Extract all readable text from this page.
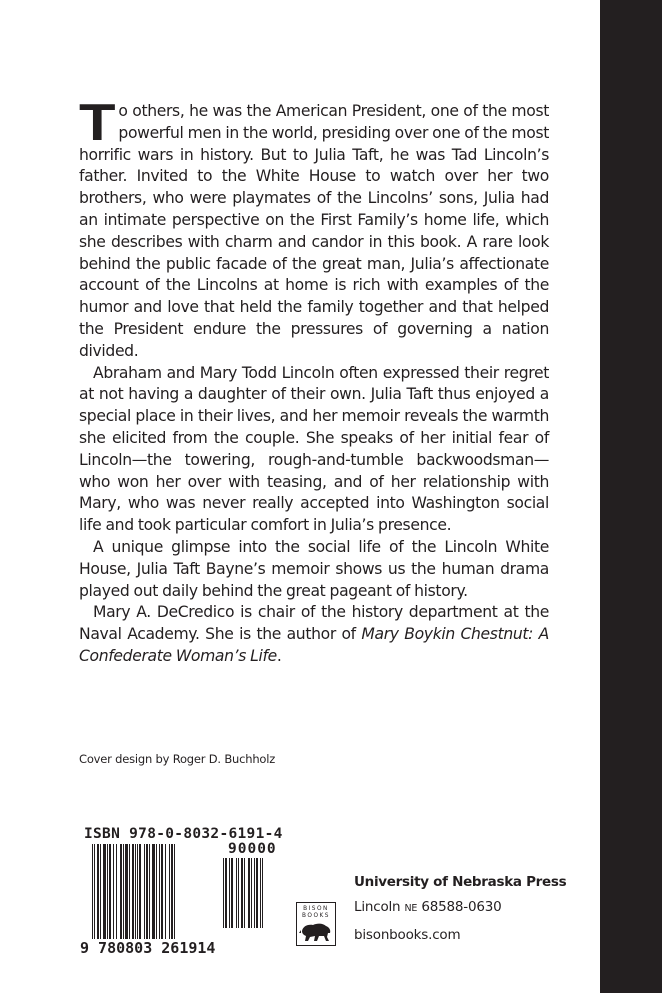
To others, he was the American President, one of the most powerful men in the world, presiding over one of the most horrific wars in history. But to Julia Taft, he was Tad Lincoln’s father. Invited to the White House to watch over her two brothers, who were playmates of the Lincolns’ sons, Julia had an intimate perspective on the First Family’s home life, which she describes with charm and candor in this book. A rare look behind the public facade of the great man, Julia’s affectionate account of the Lincolns at home is rich with examples of the humor and love that held the family together and that helped the President endure the pressures of governing a nation divided.

Abraham and Mary Todd Lincoln often expressed their regret at not having a daughter of their own. Julia Taft thus enjoyed a special place in their lives, and her memoir reveals the warmth she elicited from the couple. She speaks of her initial fear of Lincoln—the towering, rough-and-tumble backwoodsman—who won her over with teasing, and of her relationship with Mary, who was never really accepted into Washington social life and took particular comfort in Julia’s presence.

A unique glimpse into the social life of the Lincoln White House, Julia Taft Bayne’s memoir shows us the human drama played out daily behind the great pageant of history.

Mary A. DeCredico is chair of the history department at the Naval Academy. She is the author of Mary Boykin Chestnut: A Confederate Woman’s Life.

Cover design by Roger D. Buchholz
ISBN 978-0-8032-6191-4
90000
9 780803 261914
BISON
BOOKS
University of Nebraska Press
Lincoln NE 68588-0630
bisonbooks.com
